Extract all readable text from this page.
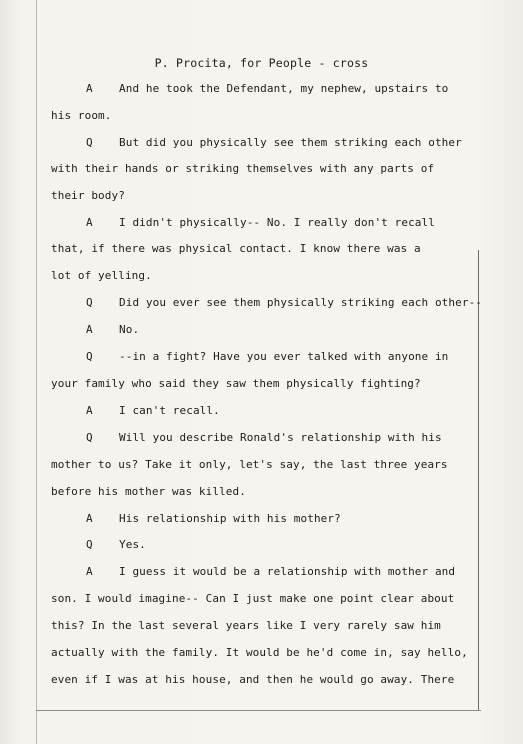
P. Procita, for People - cross
A And he took the Defendant, my nephew, upstairs to
his room.
Q But did you physically see them striking each other
with their hands or striking themselves with any parts of
their body?
A I didn't physically-- No. I really don't recall
that, if there was physical contact. I know there was a
lot of yelling.
Q Did you ever see them physically striking each other--
A No.
Q --in a fight? Have you ever talked with anyone in
your family who said they saw them physically fighting?
A I can't recall.
Q Will you describe Ronald's relationship with his
mother to us? Take it only, let's say, the last three years
before his mother was killed.
A His relationship with his mother?
Q Yes.
A I guess it would be a relationship with mother and
son. I would imagine-- Can I just make one point clear about
this? In the last several years like I very rarely saw him
actually with the family. It would be he'd come in, say hello,
even if I was at his house, and then he would go away. There
